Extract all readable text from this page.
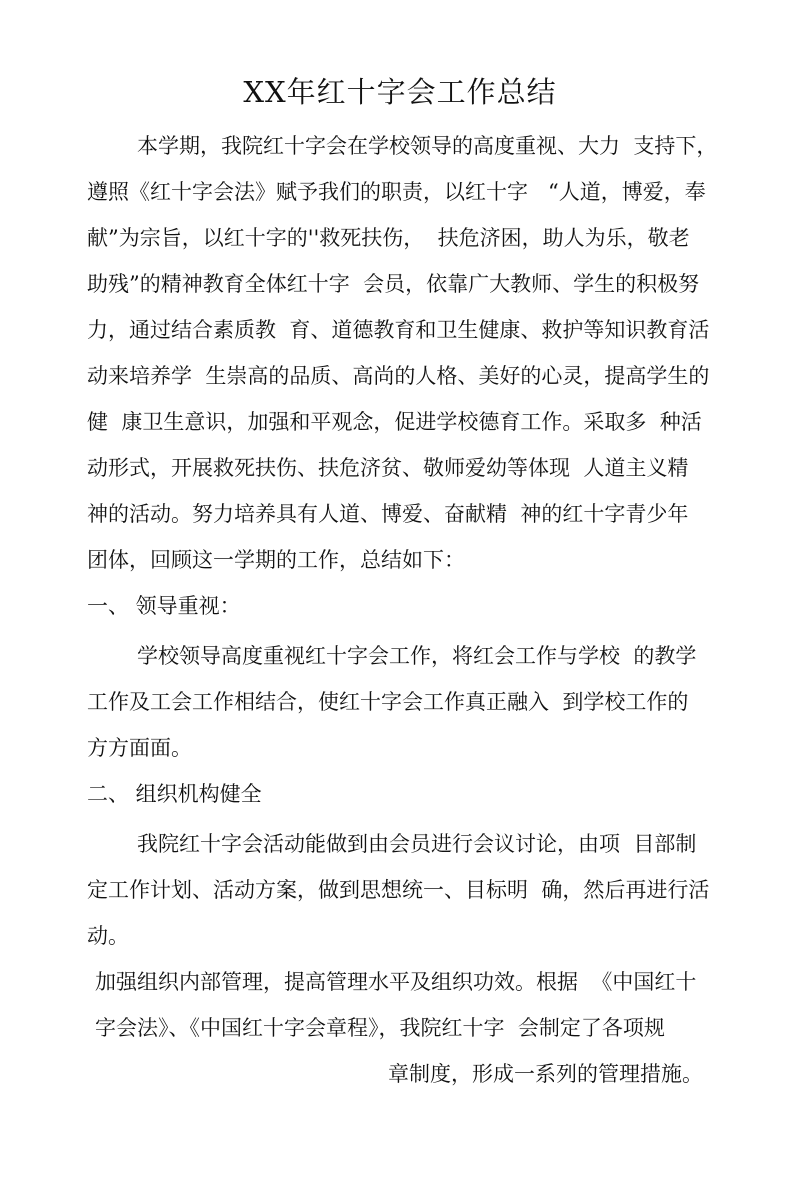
XX年红十字会工作总结

本学期，我院红十字会在学校领导的高度重视、大力  支持下，

遵照《红十字会法》赋予我们的职责，以红十字   “人道，博爱，奉

献”为宗旨，以红十字的''救死扶伤，  扶危济困，助人为乐，敬老

助残”的精神教育全体红十字  会员，依靠广大教师、学生的积极努

力，通过结合素质教  育、道德教育和卫生健康、救护等知识教育活

动来培养学  生崇高的品质、高尚的人格、美好的心灵，提高学生的

健  康卫生意识，加强和平观念，促进学校德育工作。采取多  种活

动形式，开展救死扶伤、扶危济贫、敬师爱幼等体现  人道主义精

神的活动。努力培养具有人道、博爱、奋献精  神的红十字青少年

团体，回顾这一学期的工作，总结如下：

一、 领导重视：

学校领导高度重视红十字会工作，将红会工作与学校  的教学

工作及工会工作相结合，使红十字会工作真正融入  到学校工作的

方方面面。

二、 组织机构健全

我院红十字会活动能做到由会员进行会议讨论，由项  目部制

定工作计划、活动方案，做到思想统一、目标明  确，然后再进行活

动。

加强组织内部管理，提高管理水平及组织功效。根据  《中国红十

字会法》、《中国红十字会章程》，我院红十字  会制定了各项规

章制度，形成一系列的管理措施。
